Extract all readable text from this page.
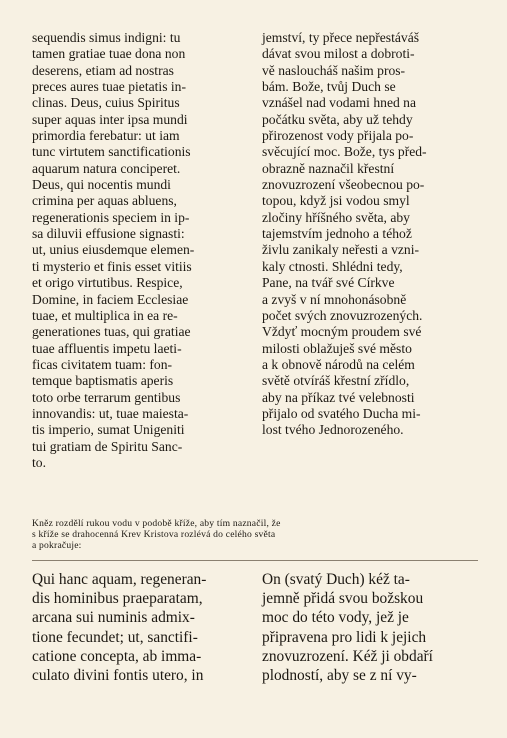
sequendis simus indigni: tu
tamen gratiae tuae dona non
deserens, etiam ad nostras
preces aures tuae pietatis in-
clinas. Deus, cuius Spiritus
super aquas inter ipsa mundi
primordia ferebatur: ut iam
tunc virtutem sanctificationis
aquarum natura conciperet.
Deus, qui nocentis mundi
crimina per aquas abluens,
regenerationis speciem in ip-
sa diluvii effusione signasti:
ut, unius eiusdemque elemen-
ti mysterio et finis esset vitiis
et origo virtutibus. Respice,
Domine, in faciem Ecclesiae
tuae, et multiplica in ea re-
generationes tuas, qui gratiae
tuae affluentis impetu laeti-
ficas civitatem tuam: fon-
temque baptismatis aperis
toto orbe terrarum gentibus
innovandis: ut, tuae maiesta-
tis imperio, sumat Unigeniti
tui gratiam de Spiritu Sanc-
to.

jemství, ty přece nepřestáváš
dávat svou milost a dobroti-
vě nasloucháš našim pros-
bám. Bože, tvůj Duch se
vznášel nad vodami hned na
počátku světa, aby už tehdy
přirozenost vody přijala po-
svěcující moc. Bože, tys před-
obrazně naznačil křestní
znovuzrození všeobecnou po-
topou, když jsi vodou smyl
zločiny hříšného světa, aby
tajemstvím jednoho a téhož
živlu zanikaly neřesti a vzni-
kaly ctnosti. Shlédni tedy,
Pane, na tvář své Církve
a zvyš v ní mnohonásobně
počet svých znovuzrozených.
Vždyť mocným proudem své
milosti oblažuješ své město
a k obnově národů na celém
světě otvíráš křestní zřídlo,
aby na příkaz tvé velebnosti
přijalo od svatého Ducha mi-
lost tvého Jednorozeného.

Kněz rozdělí rukou vodu v podobě kříže, aby tím naznačil, že
s kříže se drahocenná Krev Kristova rozlévá do celého světa
a pokračuje:

Qui hanc aquam, regeneran-
dis hominibus praeparatam,
arcana sui numinis admix-
tione fecundet; ut, sanctifi-
catione concepta, ab imma-
culato divini fontis utero, in

On (svatý Duch) kéž ta-
jemně přidá svou božskou
moc do této vody, jež je
připravena pro lidi k jejich
znovuzrození. Kéž ji obdaří
plodností, aby se z ní vy-
